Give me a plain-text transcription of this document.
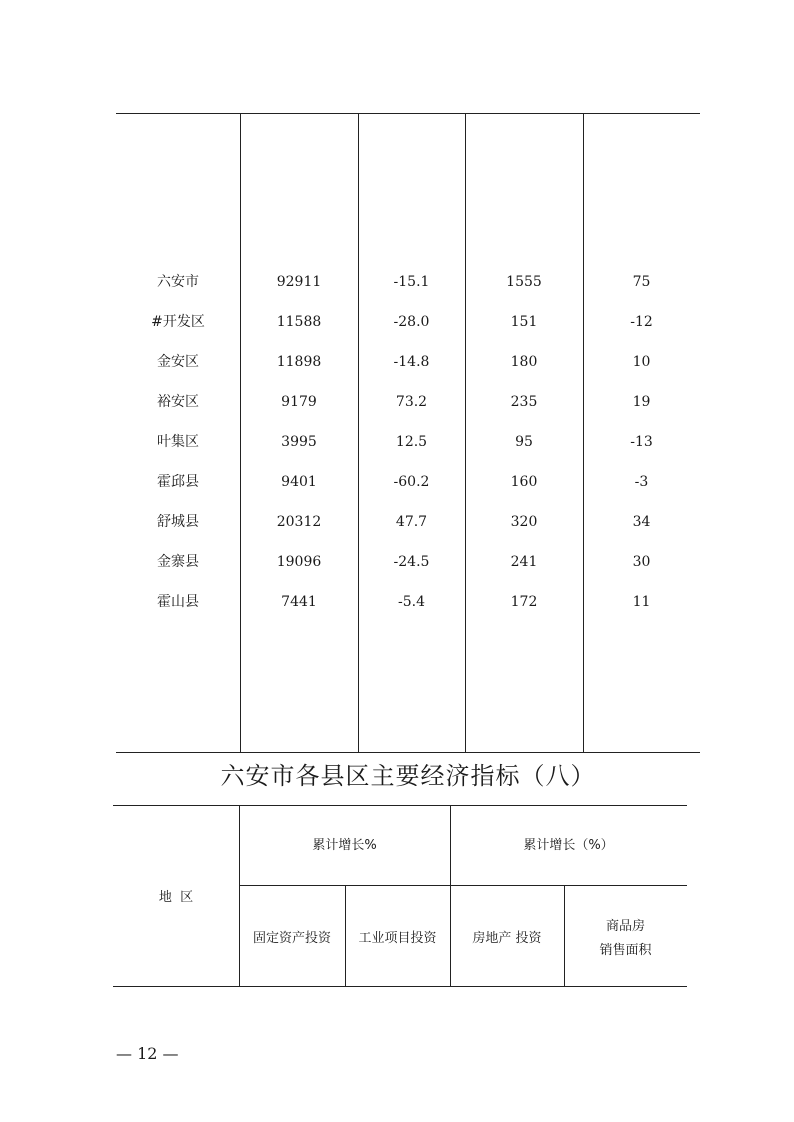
六安市	92911	-15.1	1555	75
#开发区	11588	-28.0	151	-12
金安区	11898	-14.8	180	10
裕安区	9179	73.2	235	19
叶集区	3995	12.5	95	-13
霍邱县	9401	-60.2	160	-3
舒城县	20312	47.7	320	34
金寨县	19096	-24.5	241	30
霍山县	7441	-5.4	172	11
六安市各县区主要经济指标（八）
地  区
累计增长%	累计增长（%）
固定资产投资	工业项目投资	房地产 投资
商品房
销售面积
— 12 —
